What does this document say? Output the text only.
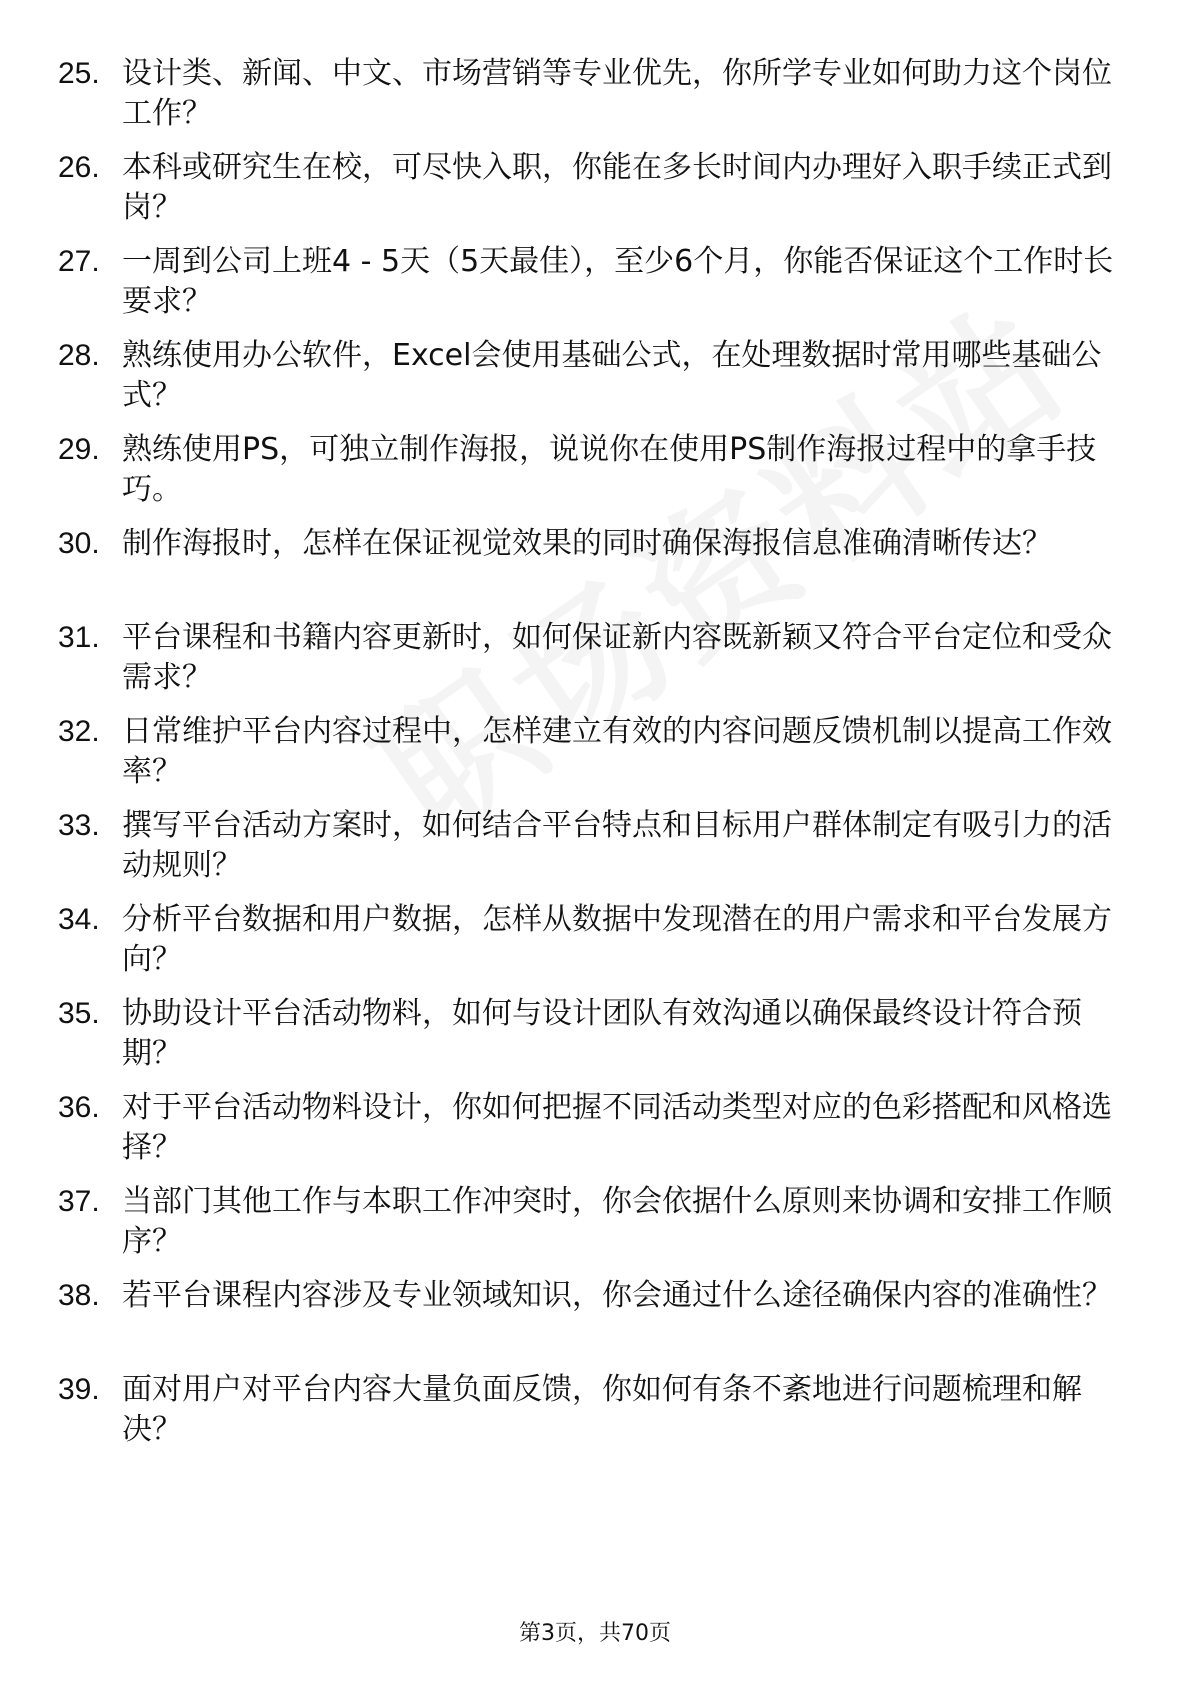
25. 设计类、新闻、中文、市场营销等专业优先，你所学专业如何助力这个岗位工作？
26. 本科或研究生在校，可尽快入职，你能在多长时间内办理好入职手续正式到岗？
27. 一周到公司上班4 - 5天（5天最佳），至少6个月，你能否保证这个工作时长要求？
28. 熟练使用办公软件，Excel会使用基础公式，在处理数据时常用哪些基础公式？
29. 熟练使用PS，可独立制作海报，说说你在使用PS制作海报过程中的拿手技巧。
30. 制作海报时，怎样在保证视觉效果的同时确保海报信息准确清晰传达？
31. 平台课程和书籍内容更新时，如何保证新内容既新颖又符合平台定位和受众需求？
32. 日常维护平台内容过程中，怎样建立有效的内容问题反馈机制以提高工作效率？
33. 撰写平台活动方案时，如何结合平台特点和目标用户群体制定有吸引力的活动规则？
34. 分析平台数据和用户数据，怎样从数据中发现潜在的用户需求和平台发展方向？
35. 协助设计平台活动物料，如何与设计团队有效沟通以确保最终设计符合预期？
36. 对于平台活动物料设计，你如何把握不同活动类型对应的色彩搭配和风格选择？
37. 当部门其他工作与本职工作冲突时，你会依据什么原则来协调和安排工作顺序？
38. 若平台课程内容涉及专业领域知识，你会通过什么途径确保内容的准确性？
39. 面对用户对平台内容大量负面反馈，你如何有条不紊地进行问题梳理和解决？
第3页，共70页
